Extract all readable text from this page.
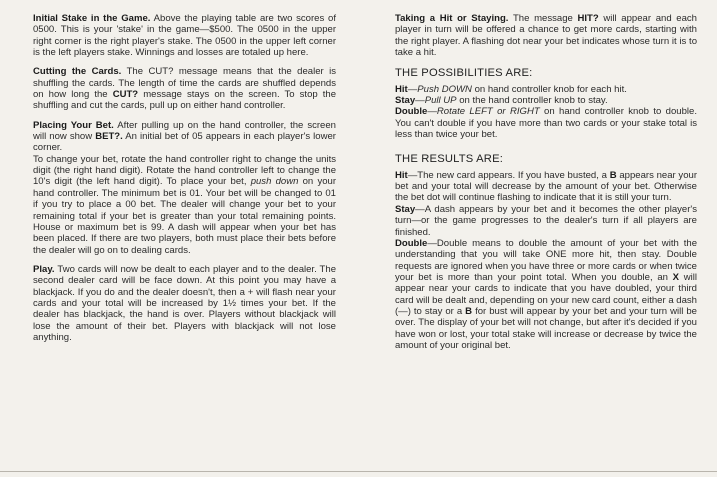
Initial Stake in the Game. Above the playing table are two scores of 0500. This is your 'stake' in the game—$500. The 0500 in the upper right corner is the right player's stake. The 0500 in the upper left corner is the left players stake. Winnings and losses are totaled up here.

Cutting the Cards. The CUT? message means that the dealer is shuffling the cards. The length of time the cards are shuffled depends on how long the CUT? message stays on the screen. To stop the shuffling and cut the cards, pull up on either hand controller.

Placing Your Bet. After pulling up on the hand controller, the screen will now show BET?. An initial bet of 05 appears in each player's lower corner.

To change your bet, rotate the hand controller right to change the units digit (the right hand digit). Rotate the hand controller left to change the 10's digit (the left hand digit). To place your bet, push down on your hand controller. The minimum bet is 01. Your bet will be changed to 01 if you try to place a 00 bet. The dealer will change your bet to your remaining total if your bet is greater than your total remaining points. House or maximum bet is 99. A dash will appear when your bet has been placed. If there are two players, both must place their bets before the dealer will go on to dealing cards.

Play. Two cards will now be dealt to each player and to the dealer. The second dealer card will be face down. At this point you may have a blackjack. If you do and the dealer doesn't, then a + will flash near your cards and your total will be increased by 1½ times your bet. If the dealer has blackjack, the hand is over. Players without blackjack will lose the amount of their bet. Players with blackjack will not lose anything.

Taking a Hit or Staying. The message HIT? will appear and each player in turn will be offered a chance to get more cards, starting with the right player. A flashing dot near your bet indicates whose turn it is to take a hit.

THE POSSIBILITIES ARE:

Hit—Push DOWN on hand controller knob for each hit.

Stay—Pull UP on the hand controller knob to stay.

Double—Rotate LEFT or RIGHT on hand controller knob to double. You can't double if you have more than two cards or your stake total is less than twice your bet.

THE RESULTS ARE:

Hit—The new card appears. If you have busted, a B appears near your bet and your total will decrease by the amount of your bet. Otherwise the bet dot will continue flashing to indicate that it is still your turn.

Stay—A dash appears by your bet and it becomes the other player's turn—or the game progresses to the dealer's turn if all players are finished.

Double—Double means to double the amount of your bet with the understanding that you will take ONE more hit, then stay. Double requests are ignored when you have three or more cards or when twice your bet is more than your point total. When you double, an X will appear near your cards to indicate that you have doubled, your third card will be dealt and, depending on your new card count, either a dash (—) to stay or a B for bust will appear by your bet and your turn will be over. The display of your bet will not change, but after it's decided if you have won or lost, your total stake will increase or decrease by twice the amount of your original bet.
